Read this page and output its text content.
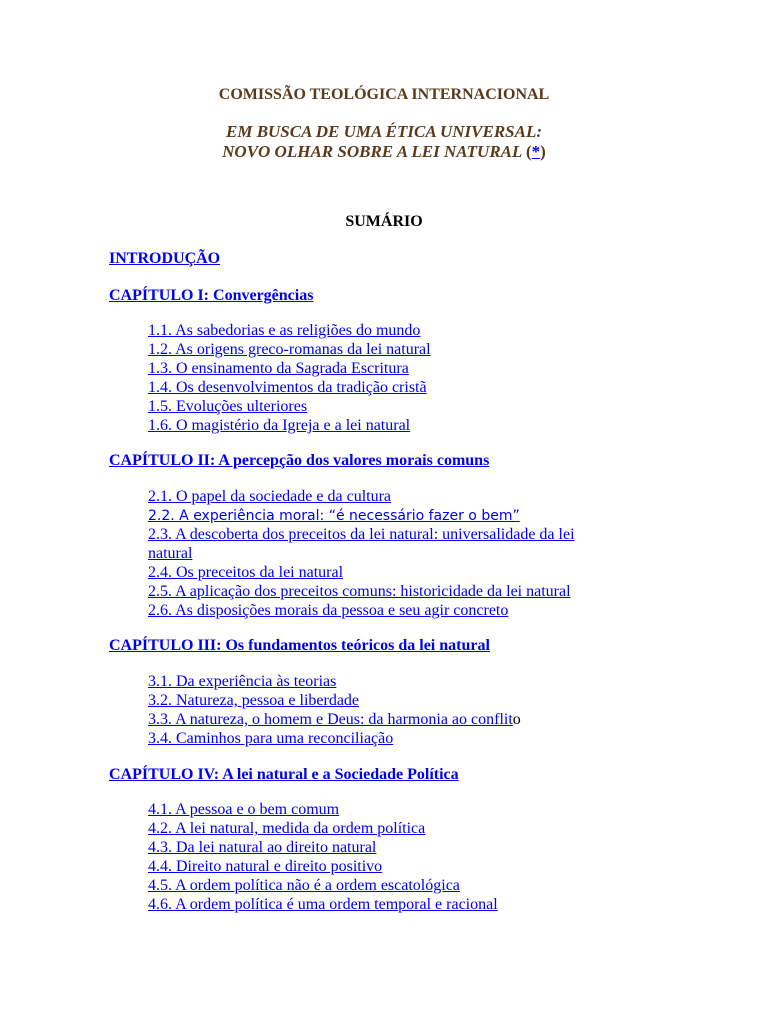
COMISSÃO TEOLÓGICA INTERNACIONAL
EM BUSCA DE UMA ÉTICA UNIVERSAL:
NOVO OLHAR SOBRE A LEI NATURAL (*)
SUMÁRIO
INTRODUÇÃO
CAPÍTULO I: Convergências
1.1. As sabedorias e as religiões do mundo
1.2. As origens greco-romanas da lei natural
1.3. O ensinamento da Sagrada Escritura
1.4. Os desenvolvimentos da tradição cristã
1.5. Evoluções ulteriores
1.6. O magistério da Igreja e a lei natural
CAPÍTULO II: A percepção dos valores morais comuns
2.1. O papel da sociedade e da cultura
2.2. A experiência moral: “é necessário fazer o bem”
2.3. A descoberta dos preceitos da lei natural: universalidade da lei natural
2.4. Os preceitos da lei natural
2.5. A aplicação dos preceitos comuns: historicidade da lei natural
2.6. As disposições morais da pessoa e seu agir concreto
CAPÍTULO III: Os fundamentos teóricos da lei natural
3.1. Da experiência às teorias
3.2. Natureza, pessoa e liberdade
3.3. A natureza, o homem e Deus: da harmonia ao conflito
3.4. Caminhos para uma reconciliação
CAPÍTULO IV: A lei natural e a Sociedade Política
4.1. A pessoa e o bem comum
4.2. A lei natural, medida da ordem política
4.3. Da lei natural ao direito natural
4.4. Direito natural e direito positivo
4.5. A ordem política não é a ordem escatológica
4.6. A ordem política é uma ordem temporal e racional
